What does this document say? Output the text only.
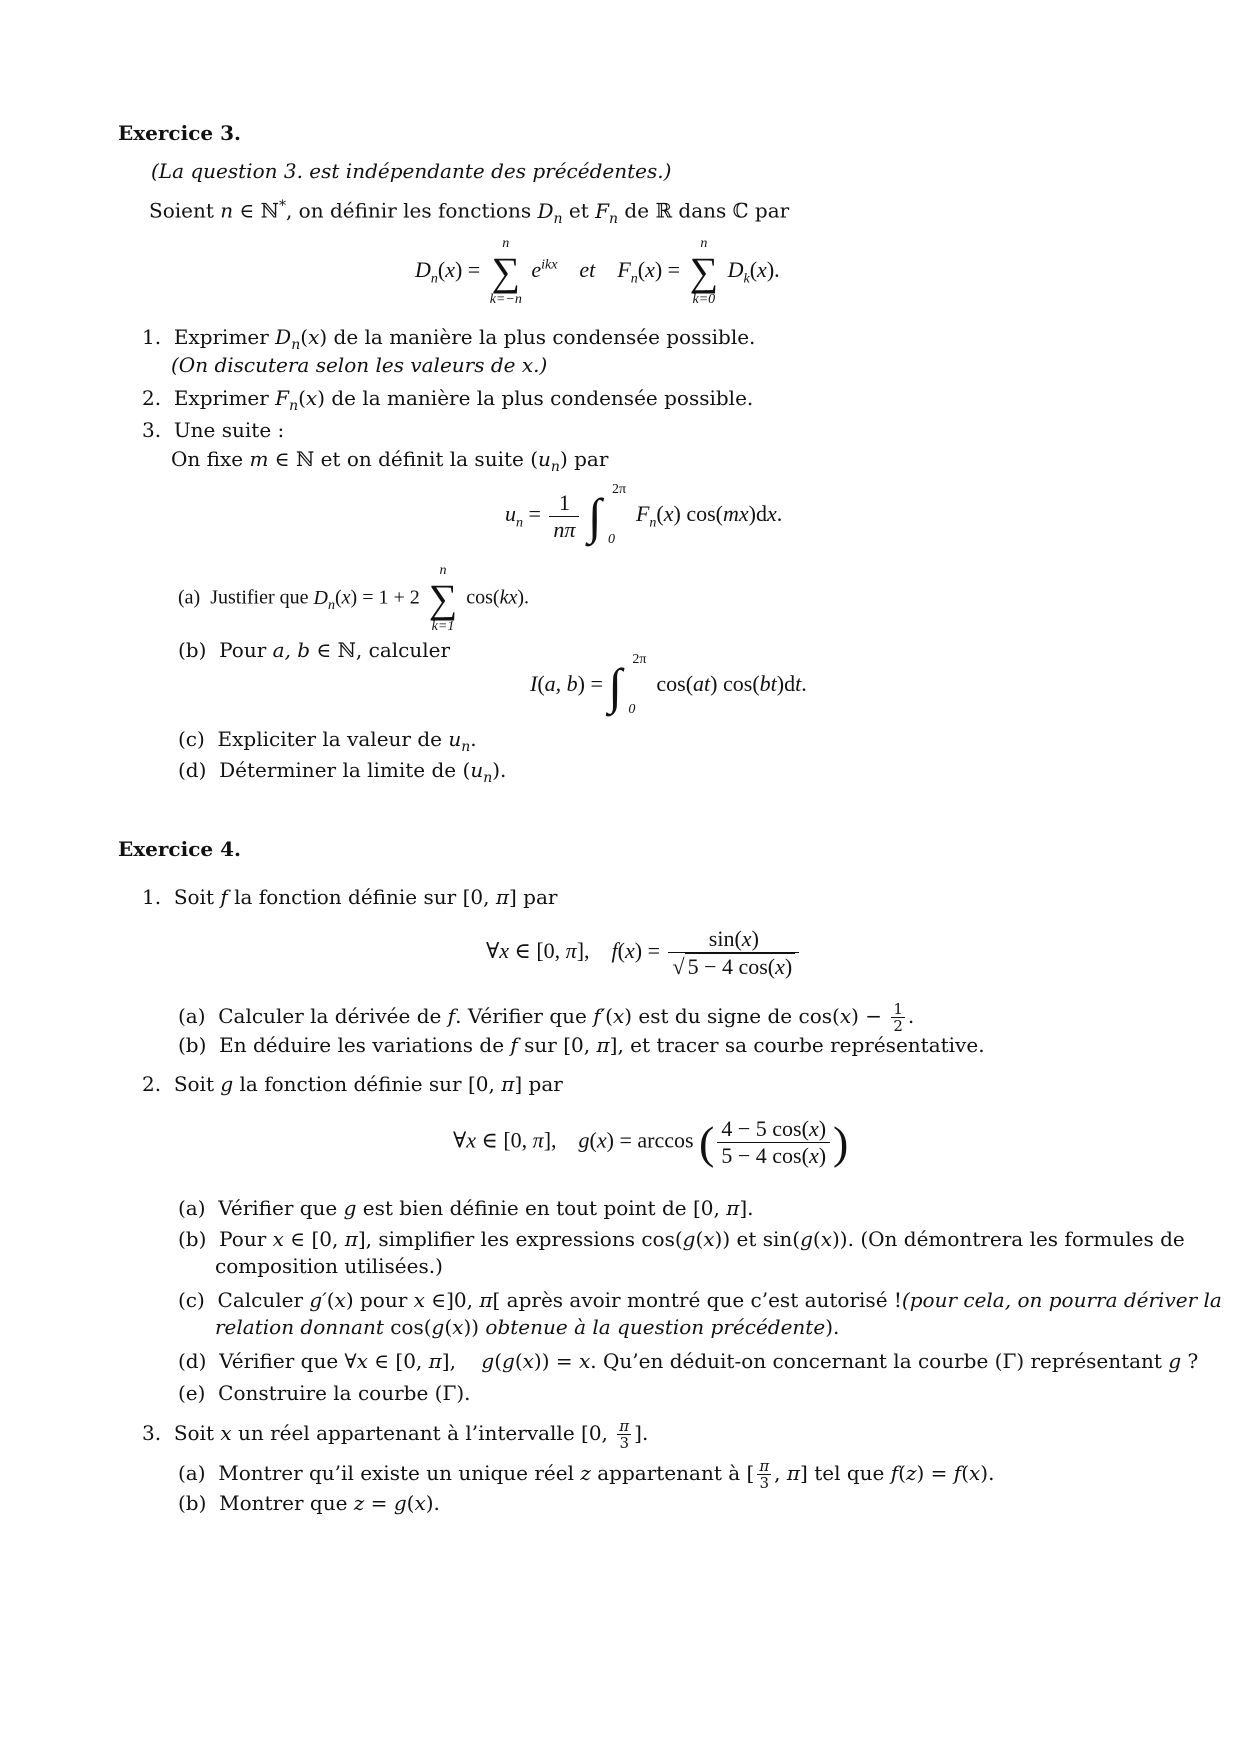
Exercice 3.
(La question 3. est indépendante des précédentes.)
Soient n ∈ ℕ*, on définir les fonctions $D_n$ et $F_n$ de ℝ dans ℂ par
$D_n(x)$ =
n
∑
k=−n
$e^{ikx}$ et $F_n(x)$ =
n
∑
k=0
$D_k(x)$.
1. Exprimer $D_n(x)$ de la manière la plus condensée possible.
(On discutera selon les valeurs de x.)
2. Exprimer $F_n(x)$ de la manière la plus condensée possible.
3. Une suite :
On fixe m ∈ ℕ et on définit la suite $(u_n)$ par
$u_n = \frac{1}{n\pi}$
∫ 2π
0
$F_n(x)$ cos(mx)dx.
(a) Justifier que $D_n(x) = 1 + 2$
n
∑
k=1
cos(kx).
(b) Pour a, b ∈ ℕ, calculer
I(a, b) = ∫ 2π
0
cos(at) cos(bt)dt.
(c) Expliciter la valeur de $u_n$.
(d) Déterminer la limite de $(u_n)$.
Exercice 4.
1. Soit f la fonction définie sur [0, π] par
∀x ∈ [0, π],    $f(x) = \frac{\sin(x)}{√ 5 - 4 \cos(x)}$
(a) Calculer la dérivée de f. Vérifier que f′(x) est du signe de $\cos(x) - \frac{1}{2}$ .
(b) En déduire les variations de f sur [0, π], et tracer sa courbe représentative.
2. Soit g la fonction définie sur [0, π] par
∀x ∈ [0, π],    g(x) = arccos ( $\frac{4 - 5 \cos(x)}{5 - 4 \cos(x)}$ )
(a) Vérifier que g est bien définie en tout point de [0, π].
(b) Pour x ∈ [0, π], simplifier les expressions cos(g(x)) et sin(g(x)). (On démontrera les formules de
composition utilisées.)
(c) Calculer g′(x) pour x ∈]0, π[ après avoir montré que c’est autorisé !(pour cela, on pourra dériver la
relation donnant cos(g(x)) obtenue à la question précédente).
(d) Vérifier que ∀x ∈ [0, π],    g(g(x)) = x. Qu’en déduit-on concernant la courbe (Γ) représentant g ?
(e) Construire la courbe (Γ).
3. Soit x un réel appartenant à l’intervalle [0, $\frac{\pi}{3}$ ].
(a) Montrer qu’il existe un unique réel z appartenant à [ $\frac{\pi}{3}$ , π] tel que f(z) = f(x).
(b) Montrer que z = g(x).
